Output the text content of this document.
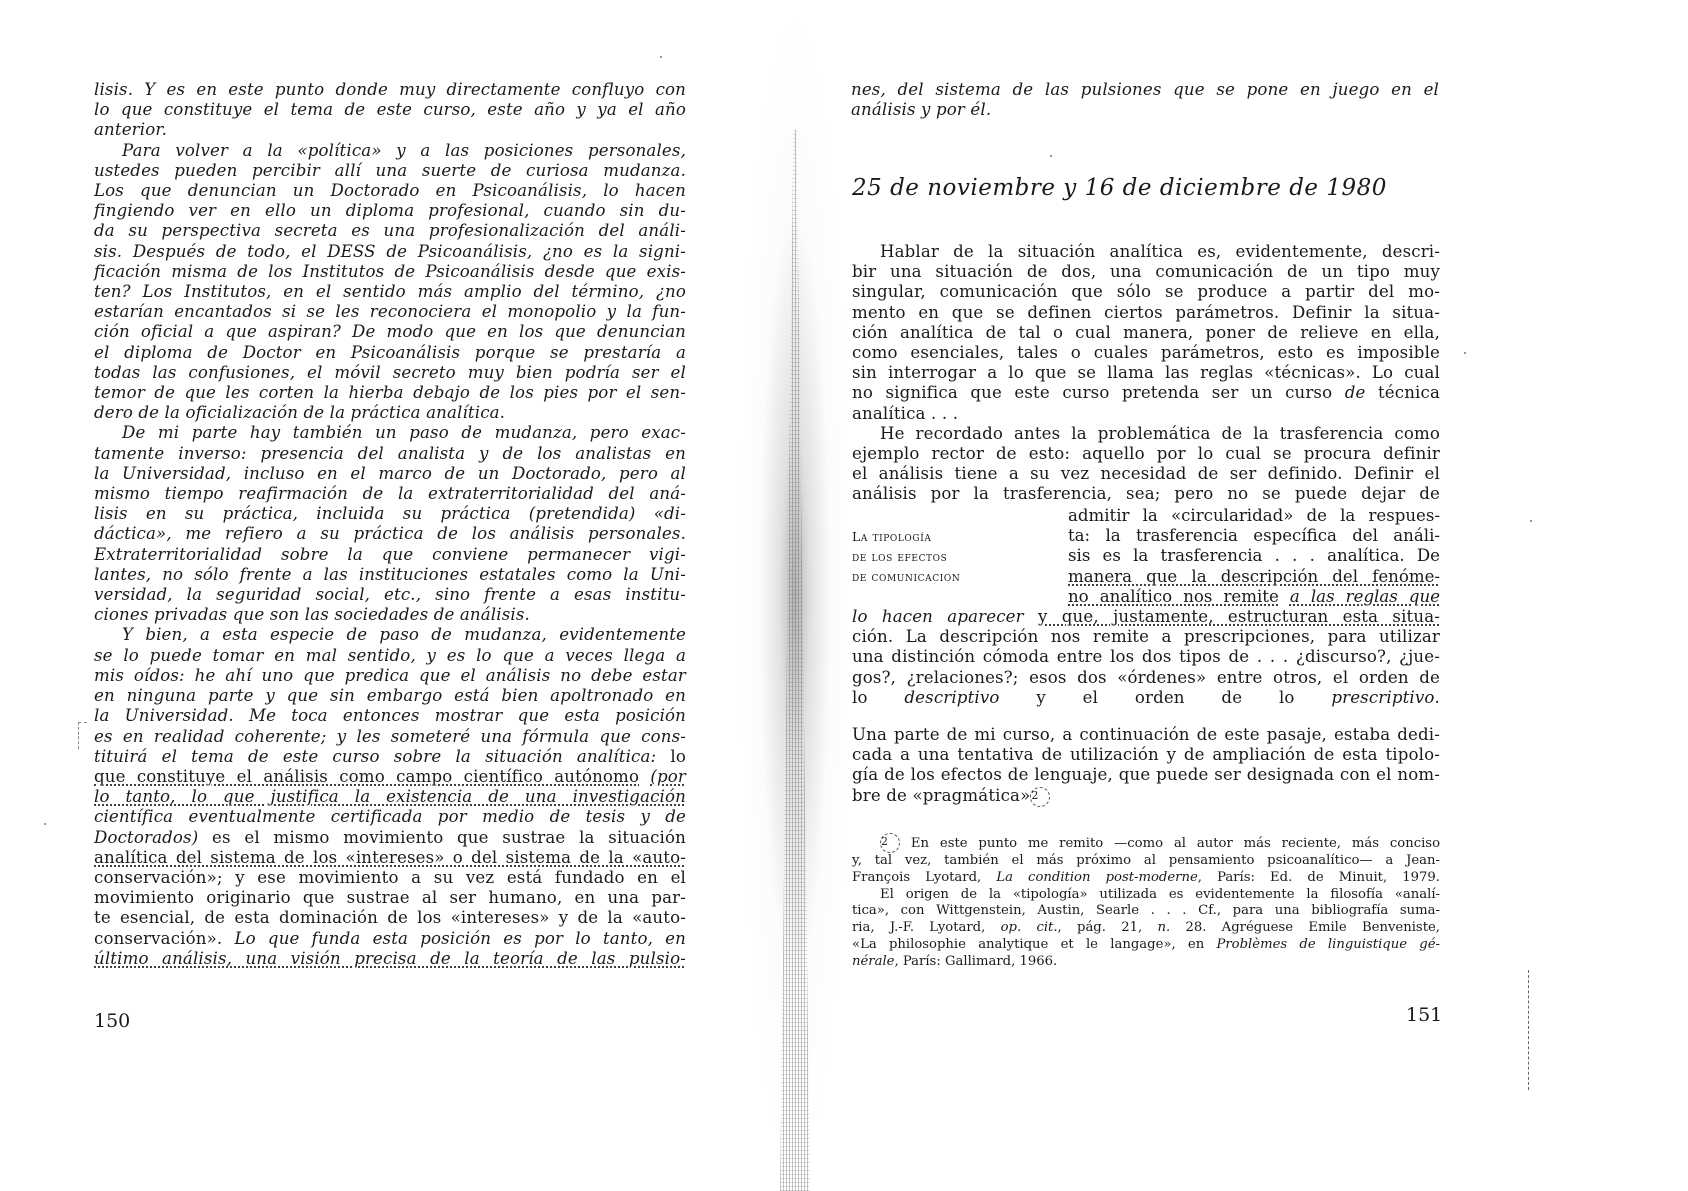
lisis. Y es en este punto donde muy directamente confluyo con
lo que constituye el tema de este curso, este año y ya el año
anterior.
Para volver a la «política» y a las posiciones personales,
ustedes pueden percibir allí una suerte de curiosa mudanza.
Los que denuncian un Doctorado en Psicoanálisis, lo hacen
fingiendo ver en ello un diploma profesional, cuando sin du-
da su perspectiva secreta es una profesionalización del análi-
sis. Después de todo, el DESS de Psicoanálisis, ¿no es la signi-
ficación misma de los Institutos de Psicoanálisis desde que exis-
ten? Los Institutos, en el sentido más amplio del término, ¿no
estarían encantados si se les reconociera el monopolio y la fun-
ción oficial a que aspiran? De modo que en los que denuncian
el diploma de Doctor en Psicoanálisis porque se prestaría a
todas las confusiones, el móvil secreto muy bien podría ser el
temor de que les corten la hierba debajo de los pies por el sen-
dero de la oficialización de la práctica analítica.
De mi parte hay también un paso de mudanza, pero exac-
tamente inverso: presencia del analista y de los analistas en
la Universidad, incluso en el marco de un Doctorado, pero al
mismo tiempo reafirmación de la extraterritorialidad del aná-
lisis en su práctica, incluida su práctica (pretendida) «di-
dáctica», me refiero a su práctica de los análisis personales.
Extraterritorialidad sobre la que conviene permanecer vigi-
lantes, no sólo frente a las instituciones estatales como la Uni-
versidad, la seguridad social, etc., sino frente a esas institu-
ciones privadas que son las sociedades de análisis.
Y bien, a esta especie de paso de mudanza, evidentemente
se lo puede tomar en mal sentido, y es lo que a veces llega a
mis oídos: he ahí uno que predica que el análisis no debe estar
en ninguna parte y que sin embargo está bien apoltronado en
la Universidad. Me toca entonces mostrar que esta posición
es en realidad coherente; y les someteré una fórmula que cons-
tituirá el tema de este curso sobre la situación analítica: lo
que constituye el análisis como campo científico autónomo (por
lo tanto, lo que justifica la existencia de una investigación
científica eventualmente certificada por medio de tesis y de
Doctorados) es el mismo movimiento que sustrae la situación
analítica del sistema de los «intereses» o del sistema de la «auto-
conservación»; y ese movimiento a su vez está fundado en el
movimiento originario que sustrae al ser humano, en una par-
te esencial, de esta dominación de los «intereses» y de la «auto-
conservación». Lo que funda esta posición es por lo tanto, en
último análisis, una visión precisa de la teoría de las pulsio-
150
nes, del sistema de las pulsiones que se pone en juego en el
análisis y por él.
25 de noviembre y 16 de diciembre de 1980
Hablar de la situación analítica es, evidentemente, descri-
bir una situación de dos, una comunicación de un tipo muy
singular, comunicación que sólo se produce a partir del mo-
mento en que se definen ciertos parámetros. Definir la situa-
ción analítica de tal o cual manera, poner de relieve en ella,
como esenciales, tales o cuales parámetros, esto es imposible
sin interrogar a lo que se llama las reglas «técnicas». Lo cual
no significa que este curso pretenda ser un curso de técnica
analítica . . .
He recordado antes la problemática de la trasferencia como
ejemplo rector de esto: aquello por lo cual se procura definir
el análisis tiene a su vez necesidad de ser definido. Definir el
análisis por la trasferencia, sea; pero no se puede dejar de
La tipología
de los efectos
de comunicacion
admitir la «circularidad» de la respues-
ta: la trasferencia específica del análi-
sis es la trasferencia . . . analítica. De
manera que la descripción del fenóme-
no analítico nos remite a las reglas que
lo hacen aparecer y que, justamente, estructuran esta situa-
ción. La descripción nos remite a prescripciones, para utilizar
una distinción cómoda entre los dos tipos de . . . ¿discurso?, ¿jue-
gos?, ¿relaciones?; esos dos «órdenes» entre otros, el orden de
lo descriptivo y el orden de lo prescriptivo.
Una parte de mi curso, a continuación de este pasaje, estaba dedi-
cada a una tentativa de utilización y de ampliación de esta tipolo-
gía de los efectos de lenguaje, que puede ser designada con el nom-
bre de «pragmática»2
2 En este punto me remito —como al autor más reciente, más conciso
y, tal vez, también el más próximo al pensamiento psicoanalítico— a Jean-
François Lyotard, La condition post-moderne, París: Ed. de Minuit, 1979.
El origen de la «tipología» utilizada es evidentemente la filosofía «analí-
tica», con Wittgenstein, Austin, Searle . . . Cf., para una bibliografía suma-
ria, J.-F. Lyotard, op. cit., pág. 21, n. 28. Agréguese Emile Benveniste,
«La philosophie analytique et le langage», en Problèmes de linguistique gé-
nérale, París: Gallimard, 1966.
151
